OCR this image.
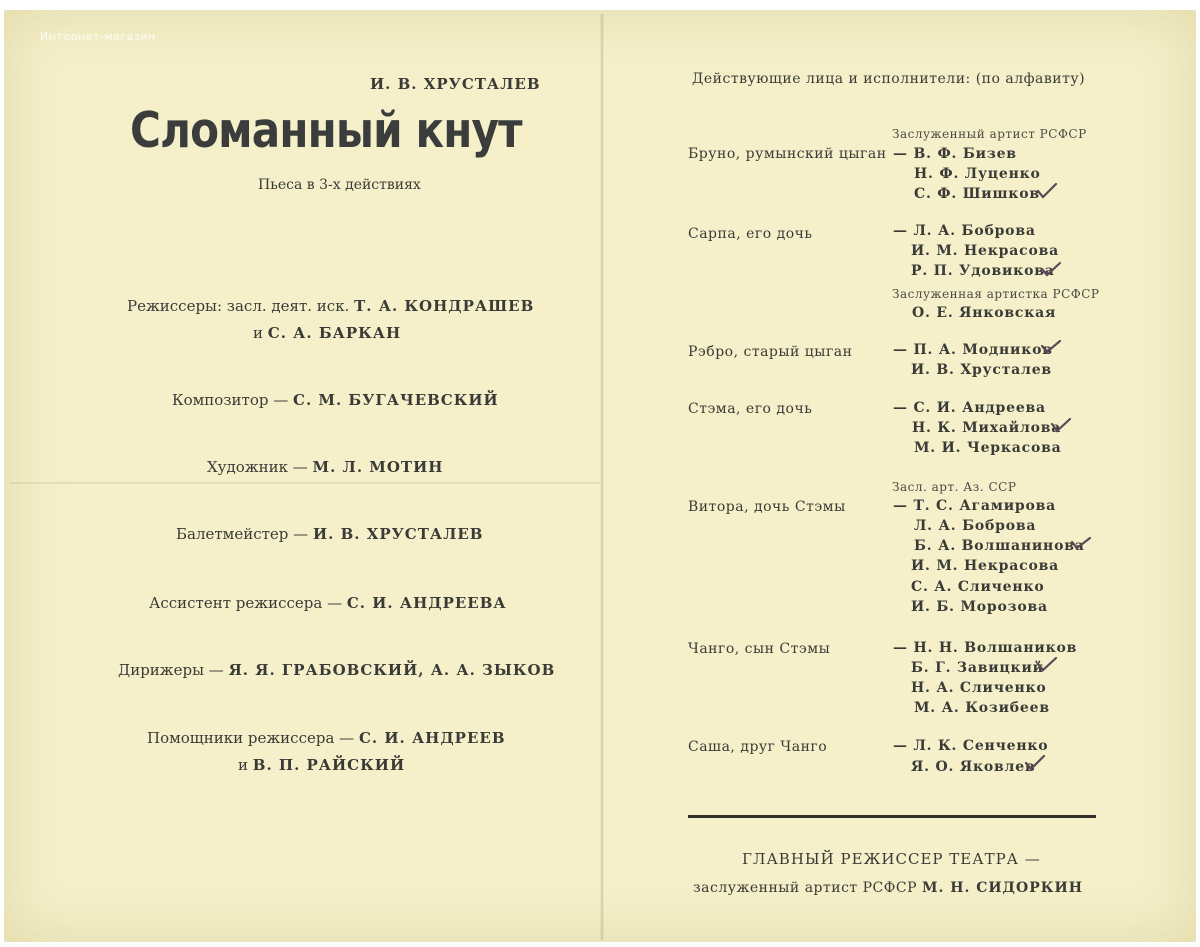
Интернет-магазин
И. В. ХРУСТАЛЕВ
Сломанный кнут
Пьеса в 3-х действиях
Режиссеры: засл. деят. иск. Т. А. КОНДРАШЕВ
и С. А. БАРКАН
Композитор — С. М. БУГАЧЕВСКИЙ
Художник — М. Л. МОТИН
Балетмейстер — И. В. ХРУСТАЛЕВ
Ассистент режиссера — С. И. АНДРЕЕВА
Дирижеры — Я. Я. ГРАБОВСКИЙ, А. А. ЗЫКОВ
Помощники режиссера — С. И. АНДРЕЕВ
и В. П. РАЙСКИЙ
Действующие лица и исполнители: (по алфавиту)
Заслуженный артист РСФСР
Бруно, румынский цыган — В. Ф. Бизев
Н. Ф. Луценко
С. Ф. Шишков
Сарпа, его дочь	— Л. А. Боброва
И. М. Некрасова
Р. П. Удовикова
Заслуженная артистка РСФСР
О. Е. Янковская
Рэбро, старый цыган	— П. А. Модников
И. В. Хрусталев
Стэма, его дочь	— С. И. Андреева
Н. К. Михайлова
М. И. Черкасова
Засл. арт. Аз. ССР
Витора, дочь Стэмы	— Т. С. Агамирова
Л. А. Боброва
Б. А. Волшанинова
И. М. Некрасова
С. А. Сличенко
И. Б. Морозова
Чанго, сын Стэмы	— Н. Н. Волшаников
Б. Г. Завицкий
Н. А. Сличенко
М. А. Козибеев
Саша, друг Чанго	— Л. К. Сенченко
Я. О. Яковлев
ГЛАВНЫЙ РЕЖИССЕР ТЕАТРА —
заслуженный артист РСФСР М. Н. СИДОРКИН
